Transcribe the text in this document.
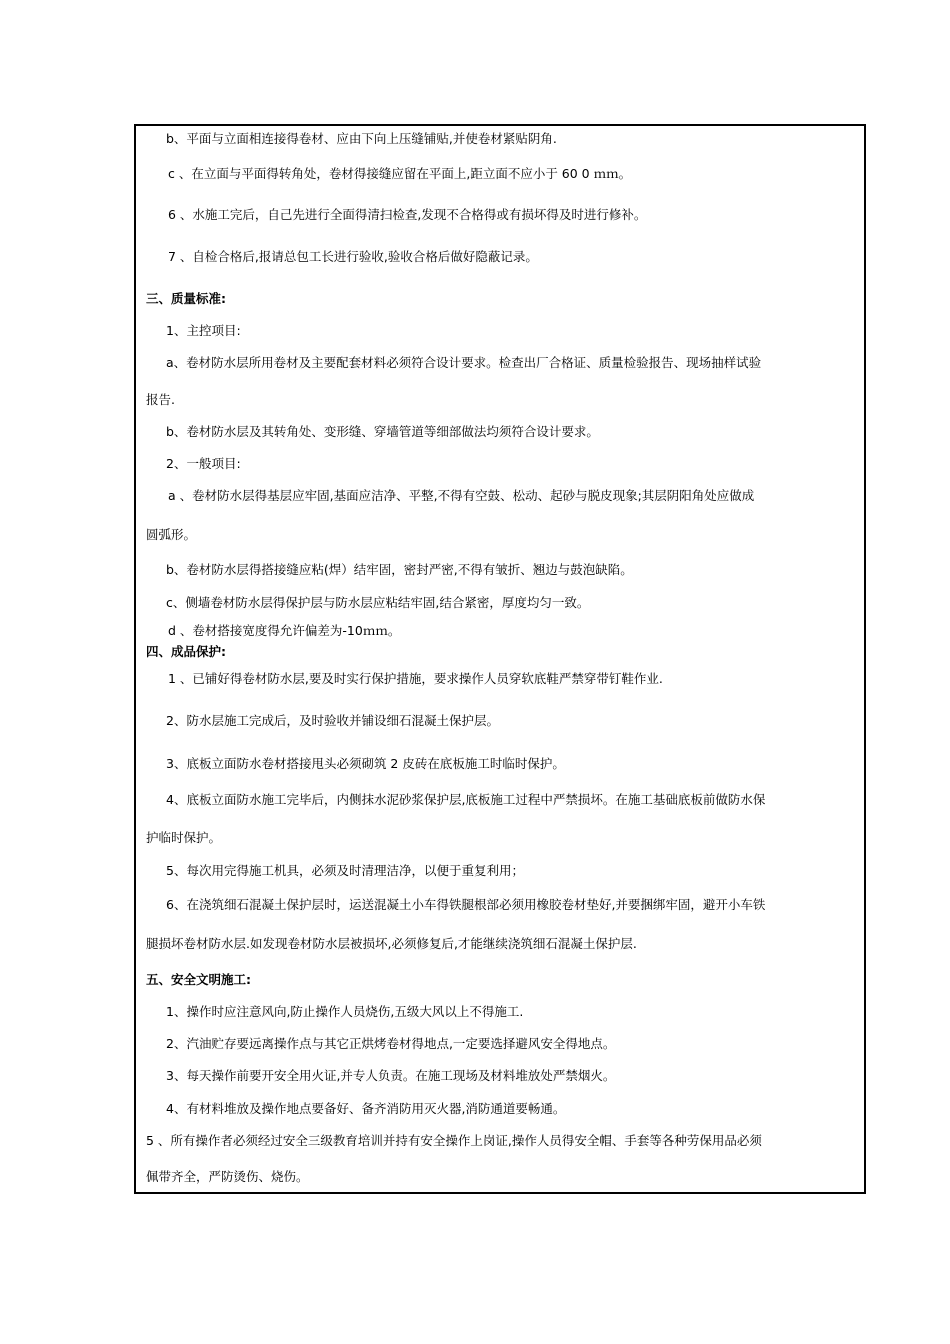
b、平面与立面相连接得卷材、应由下向上压缝铺贴,并使卷材紧贴阴角.
c 、在立面与平面得转角处，卷材得接缝应留在平面上,距立面不应小于 60 0 ｍｍ。
6 、水施工完后，自己先进行全面得清扫检查,发现不合格得或有损坏得及时进行修补。
7 、自检合格后,报请总包工长进行验收,验收合格后做好隐蔽记录。
三、质量标准:
1、主控项目:
a、卷材防水层所用卷材及主要配套材料必须符合设计要求。检查出厂合格证、质量检验报告、现场抽样试验
报告.
b、卷材防水层及其转角处、变形缝、穿墙管道等细部做法均须符合设计要求。
2、一般项目:
a 、卷材防水层得基层应牢固,基面应洁净、平整,不得有空鼓、松动、起砂与脱皮现象;其层阴阳角处应做成
圆弧形。
b、卷材防水层得搭接缝应粘(焊）结牢固，密封严密,不得有皱折、翘边与鼓泡缺陷。
c、侧墙卷材防水层得保护层与防水层应粘结牢固,结合紧密，厚度均匀一致。
d 、卷材搭接宽度得允许偏差为-10ｍｍ。
四、成品保护:
1 、已铺好得卷材防水层,要及时实行保护措施，要求操作人员穿软底鞋严禁穿带钉鞋作业.
2、防水层施工完成后，及时验收并铺设细石混凝土保护层。
3、底板立面防水卷材搭接甩头必须砌筑 2 皮砖在底板施工时临时保护。
4、底板立面防水施工完毕后，内侧抹水泥砂浆保护层,底板施工过程中严禁损坏。在施工基础底板前做防水保
护临时保护。
5、每次用完得施工机具，必须及时清理洁净，以便于重复利用；
6、在浇筑细石混凝土保护层时，运送混凝土小车得铁腿根部必须用橡胶卷材垫好,并要捆绑牢固，避开小车铁
腿损坏卷材防水层.如发现卷材防水层被损坏,必须修复后,才能继续浇筑细石混凝土保护层.
五、安全文明施工:
1、操作时应注意风向,防止操作人员烧伤,五级大风以上不得施工.
2、汽油贮存要远离操作点与其它正烘烤卷材得地点,一定要选择避风安全得地点。
3、每天操作前要开安全用火证,并专人负责。在施工现场及材料堆放处严禁烟火。
4、有材料堆放及操作地点要备好、备齐消防用灭火器,消防通道要畅通。
5 、所有操作者必须经过安全三级教育培训并持有安全操作上岗证,操作人员得安全帽、手套等各种劳保用品必须
佩带齐全，严防烫伤、烧伤。
